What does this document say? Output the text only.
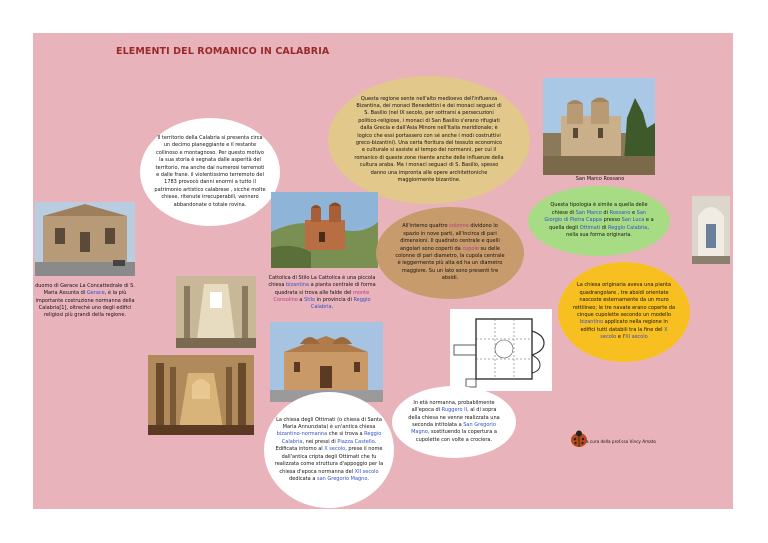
ELEMENTI DEL ROMANICO IN CALABRIA

Questa regione sente nell'alto medioevo dell'influenza Bizantina, dei monaci Benedettini e dei monaci seguaci di S. Basilio (nel IX secolo, per sottrarsi a persecuzioni politico-religiose, i monaci di San Basilio s'erano rifugiati dalla Grecia e dall'Asia Minore nell'Italia meridionale; è logico che essi portassero con sé anche i modi costruttivi greco-bizantini). Una certa fioritura del tessuto economico e culturale si assiste al tempo dei normanni, per cui il romanico di queste zone risente anche delle influenze della cultura araba. Ma i monaci seguaci di S. Basilio, spesso danno una impronta alle opere architettoniche maggiormente bizantine.

Il territorio della Calabria si presenta circa un decimo pianeggiante e il restante collinoso e montagnoso. Per questo motivo la sua storia è segnata dalle asperità del territorio, ma anche dai numerosi terremoti e dalle frane. il violentissimo terremoto del 1783 provocò danni enormi a tutto il patrimonio artistico calabrese , sicchè molte chiese, ritenute irrecuperabili, vennero abbandonate o totale rovina.

San Marco Rossano

Questa tipologia è simile a quella delle chiese di San Marco di Rossano e San Giorgio di Pietra Cappa presso San Luca e a quella degli Ottimati di Reggio Calabria, nella sua forma originaria.

duomo di Gerace La Concattedrale di S. Maria Assunta di Gerace, è la più importante costruzione normanna della Calabria[1], oltreché uno degli edifici religiosi più grandi della regione.
Cattolica di Stilo La Cattolica è una piccola chiesa bizantina a pianta centrale di forma quadrata si trova alle falde del monte Consolino a Stilo in provincia di Reggio Calabria.

All'interno quattro colonne dividono lo spazio in nove parti, all'incirca di pari dimensioni. Il quadrato centrale e quelli angolari sono coperti da cupole su delle colonne di pari diametro, la cupola centrale è leggermente più alta ed ha un diametro maggiore. Su un lato sono presenti tre absidi.

La chiesa originaria aveva una pianta quadrangolare , tre absidi orientate nascoste esternamente da un muro rettilineo; le tre navate erano coperte da cinque cupolette secondo un modello bizantino applicato nella regione in edifici tutti databili tra la fine del X secolo e l'XI secolo

La chiesa degli Ottimati (o chiesa di Santa Maria Annunziata) è un'antica chiesa bizantino-normanna che si trova a Reggio Calabria, nei pressi di Piazza Castello. Edificata intorno al X secolo, prese il nome dall'antica cripta degli Ottimati che fu realizzata come struttura d'appoggio per la chiesa d'epoca normanna del XII secolo dedicata a san Gregorio Magno.

In età normanna, probabilmente all'epoca di Ruggero II, al di sopra della chiesa ne venne realizzata una seconda intitolata a San Gregorio Magno, sostituendo la copertura a cupolette con volte a crociera.	a cura della prof.ssa Vincy Amato
